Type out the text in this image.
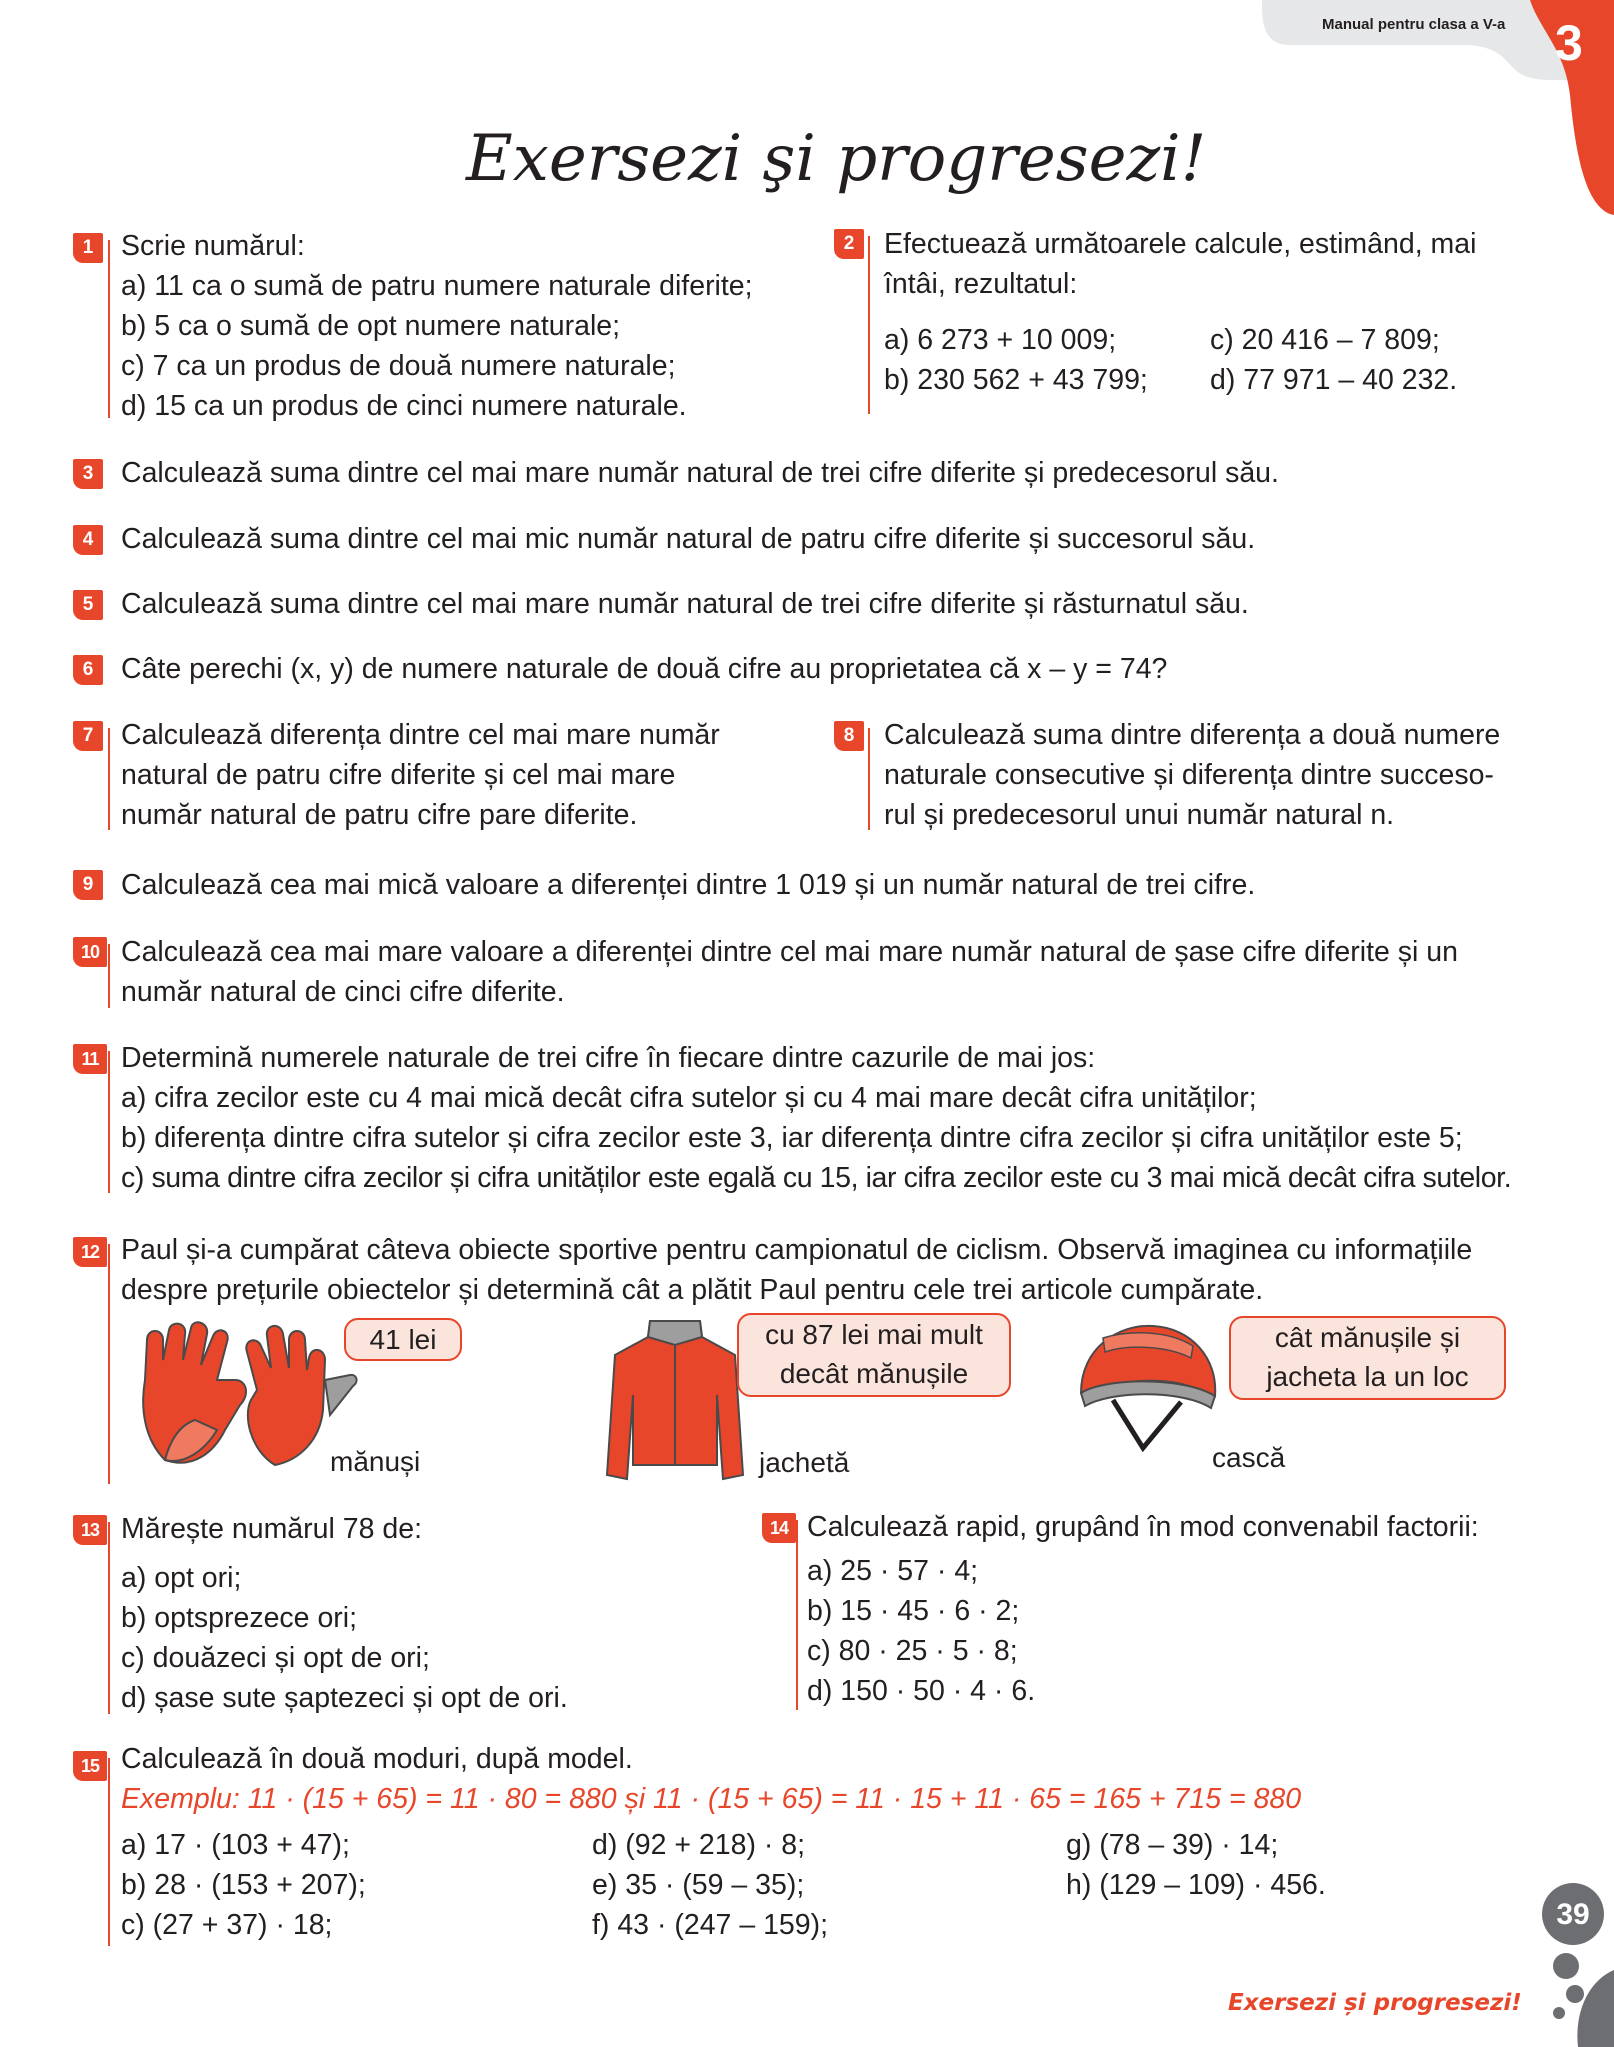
Manual pentru clasa a V-a 3
Exersezi şi progresezi!
1 Scrie numărul:
a) 11 ca o sumă de patru numere naturale diferite;
b) 5 ca o sumă de opt numere naturale;
c) 7 ca un produs de două numere naturale;
d) 15 ca un produs de cinci numere naturale.
2	Efectuează următoarele calcule, estimând, mai
întâi, rezultatul:
a) 6 273 + 10 009;	c) 20 416 – 7 809;
b) 230 562 + 43 799; d) 77 971 – 40 232.
3 Calculează suma dintre cel mai mare număr natural de trei cifre diferite și predecesorul său.
4 Calculează suma dintre cel mai mic număr natural de patru cifre diferite și succesorul său.
5 Calculează suma dintre cel mai mare număr natural de trei cifre diferite și răsturnatul său.
6 Câte perechi (x, y) de numere naturale de două cifre au proprietatea că x – y = 74?
7 Calculează diferența dintre cel mai mare număr
natural de patru cifre diferite și cel mai mare
număr natural de patru cifre pare diferite.
8	Calculează suma dintre diferența a două numere
naturale consecutive și diferența dintre succeso-
rul și predecesorul unui număr natural n.
9 Calculează cea mai mică valoare a diferenței dintre 1 019 și un număr natural de trei cifre.
10 Calculează cea mai mare valoare a diferenței dintre cel mai mare număr natural de șase cifre diferite și un
număr natural de cinci cifre diferite.
11 Determină numerele naturale de trei cifre în fiecare dintre cazurile de mai jos:
a) cifra zecilor este cu 4 mai mică decât cifra sutelor și cu 4 mai mare decât cifra unităților;
b) diferența dintre cifra sutelor și cifra zecilor este 3, iar diferența dintre cifra zecilor și cifra unităților este 5;
c) suma dintre cifra zecilor și cifra unităților este egală cu 15, iar cifra zecilor este cu 3 mai mică decât cifra sutelor.
12 Paul și-a cumpărat câteva obiecte sportive pentru campionatul de ciclism. Observă imaginea cu informațiile
despre prețurile obiectelor și determină cât a plătit Paul pentru cele trei articole cumpărate.
41 lei
mănuși
cu 87 lei mai mult
decât mănușile
jachetă
cât mănușile și
jacheta la un loc
cască
13 Mărește numărul 78 de:
a) opt ori;
b) optsprezece ori;
c) douăzeci și opt de ori;
d) șase sute șaptezeci și opt de ori.
14 Calculează rapid, grupând în mod convenabil factorii:
a) 25 · 57 · 4;
b) 15 · 45 · 6 · 2;
c) 80 · 25 · 5 · 8;
d) 150 · 50 · 4 · 6.
15 Calculează în două moduri, după model.
Exemplu: 11 · (15 + 65) = 11 · 80 = 880 și 11 · (15 + 65) = 11 · 15 + 11 · 65 = 165 + 715 = 880
a) 17 · (103 + 47);
b) 28 · (153 + 207);
c) (27 + 37) · 18;
d) (92 + 218) · 8;
e) 35 · (59 – 35);
f) 43 · (247 – 159);
g) (78 – 39) · 14;
h) (129 – 109) · 456.
39
Exersezi și progresezi!
